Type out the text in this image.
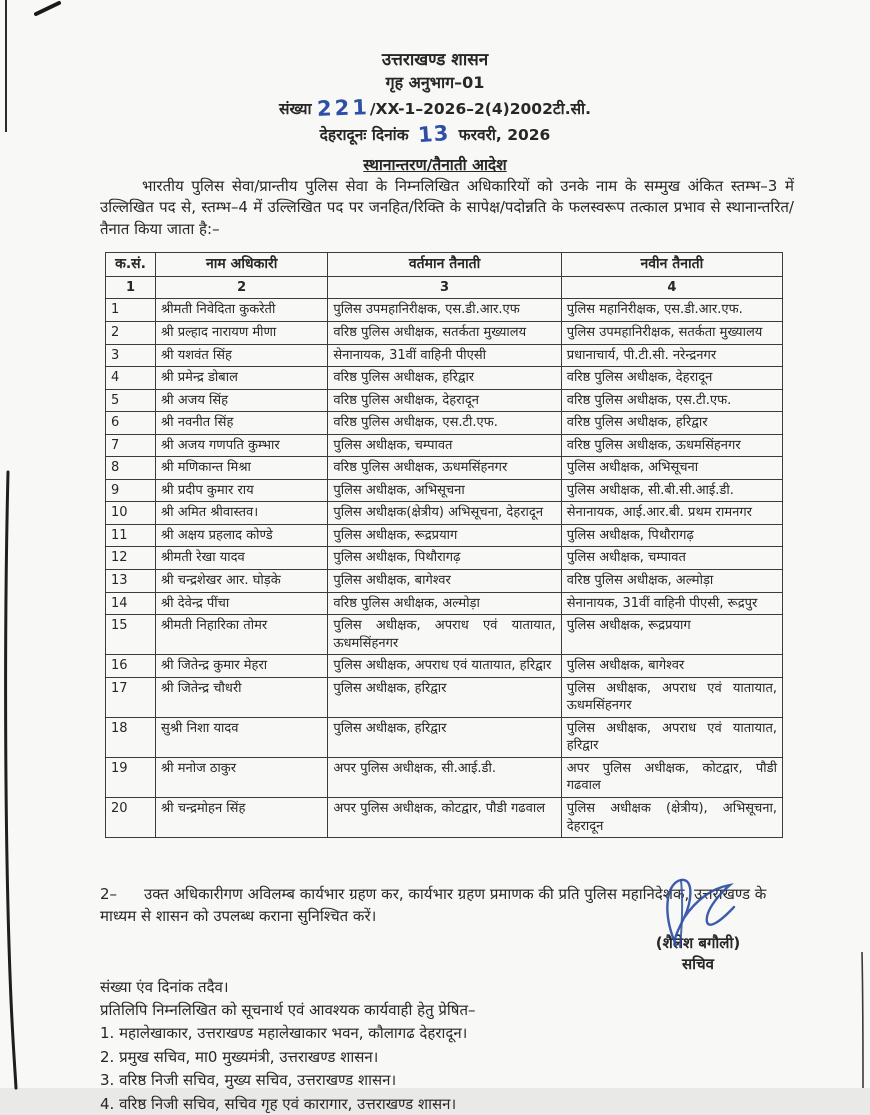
उत्तराखण्ड शासन
गृह अनुभाग–01
संख्या 221/XX-1–2026–2(4)2002टी.सी.
देहरादूनः दिनांक 13 फरवरी, 2026
स्थानान्तरण/तैनाती आदेश
भारतीय पुलिस सेवा/प्रान्तीय पुलिस सेवा के निम्नलिखित अधिकारियों को उनके नाम के सम्मुख अंकित स्तम्भ–3 में उल्लिखित पद से, स्तम्भ–4 में उल्लिखित पद पर जनहित/रिक्ति के सापेक्ष/पदोन्नति के फलस्वरूप तत्काल प्रभाव से स्थानान्तरित/तैनात किया जाता है:–
क.सं.	नाम अधिकारी	वर्तमान तैनाती	नवीन तैनाती
1	2	3	4
1	श्रीमती निवेदिता कुकरेती	पुलिस उपमहानिरीक्षक, एस.डी.आर.एफ	पुलिस महानिरीक्षक, एस.डी.आर.एफ.
2	श्री प्रल्हाद नारायण मीणा	वरिष्ठ पुलिस अधीक्षक, सतर्कता मुख्यालय	पुलिस उपमहानिरीक्षक, सतर्कता मुख्यालय
3	श्री यशवंत सिंह	सेनानायक, 31वीं वाहिनी पीएसी	प्रधानाचार्य, पी.टी.सी. नरेन्द्रनगर
4	श्री प्रमेन्द्र डोबाल	वरिष्ठ पुलिस अधीक्षक, हरिद्वार	वरिष्ठ पुलिस अधीक्षक, देहरादून
5	श्री अजय सिंह	वरिष्ठ पुलिस अधीक्षक, देहरादून	वरिष्ठ पुलिस अधीक्षक, एस.टी.एफ.
6	श्री नवनीत सिंह	वरिष्ठ पुलिस अधीक्षक, एस.टी.एफ.	वरिष्ठ पुलिस अधीक्षक, हरिद्वार
7	श्री अजय गणपति कुम्भार	पुलिस अधीक्षक, चम्पावत	वरिष्ठ पुलिस अधीक्षक, ऊधमसिंहनगर
8	श्री मणिकान्त मिश्रा	वरिष्ठ पुलिस अधीक्षक, ऊधमसिंहनगर	पुलिस अधीक्षक, अभिसूचना
9	श्री प्रदीप कुमार राय	पुलिस अधीक्षक, अभिसूचना	पुलिस अधीक्षक, सी.बी.सी.आई.डी.
10	श्री अमित श्रीवास्तव।	पुलिस अधीक्षक(क्षेत्रीय) अभिसूचना, देहरादून	सेनानायक, आई.आर.बी. प्रथम रामनगर
11	श्री अक्षय प्रहलाद कोण्डे	पुलिस अधीक्षक, रूद्रप्रयाग	पुलिस अधीक्षक, पिथौरागढ़
12	श्रीमती रेखा यादव	पुलिस अधीक्षक, पिथौरागढ़	पुलिस अधीक्षक, चम्पावत
13	श्री चन्द्रशेखर आर. घोड़के	पुलिस अधीक्षक, बागेश्वर	वरिष्ठ पुलिस अधीक्षक, अल्मोड़ा
14	श्री देवेन्द्र पींचा	वरिष्ठ पुलिस अधीक्षक, अल्मोड़ा	सेनानायक, 31वीं वाहिनी पीएसी, रूद्रपुर
15	श्रीमती निहारिका तोमर	पुलिस अधीक्षक, अपराध एवं यातायात, ऊधमसिंहनगर	पुलिस अधीक्षक, रूद्रप्रयाग
16	श्री जितेन्द्र कुमार मेहरा	पुलिस अधीक्षक, अपराध एवं यातायात, हरिद्वार	पुलिस अधीक्षक, बागेश्वर
17	श्री जितेन्द्र चौधरी	पुलिस अधीक्षक, हरिद्वार	पुलिस अधीक्षक, अपराध एवं यातायात, ऊधमसिंहनगर
18	सुश्री निशा यादव	पुलिस अधीक्षक, हरिद्वार	पुलिस अधीक्षक, अपराध एवं यातायात, हरिद्वार
19	श्री मनोज ठाकुर	अपर पुलिस अधीक्षक, सी.आई.डी.	अपर पुलिस अधीक्षक, कोटद्वार, पौडी गढवाल
20	श्री चन्द्रमोहन सिंह	अपर पुलिस अधीक्षक, कोटद्वार, पौडी गढवाल	पुलिस अधीक्षक (क्षेत्रीय), अभिसूचना, देहरादून
2– उक्त अधिकारीगण अविलम्ब कार्यभार ग्रहण कर, कार्यभार ग्रहण प्रमाणक की प्रति पुलिस महानिदेशक, उत्तराखण्ड के माध्यम से शासन को उपलब्ध कराना सुनिश्चित करें।
(शैलेश बगौली)
सचिव
संख्या एंव दिनांक तदैव।
प्रतिलिपि निम्नलिखित को सूचनार्थ एवं आवश्यक कार्यवाही हेतु प्रेषित–
1. महालेखाकार, उत्तराखण्ड महालेखाकार भवन, कौलागढ देहरादून।
2. प्रमुख सचिव, मा0 मुख्यमंत्री, उत्तराखण्ड शासन।
3. वरिष्ठ निजी सचिव, मुख्य सचिव, उत्तराखण्ड शासन।
4. वरिष्ठ निजी सचिव, सचिव गृह एवं कारागार, उत्तराखण्ड शासन।
